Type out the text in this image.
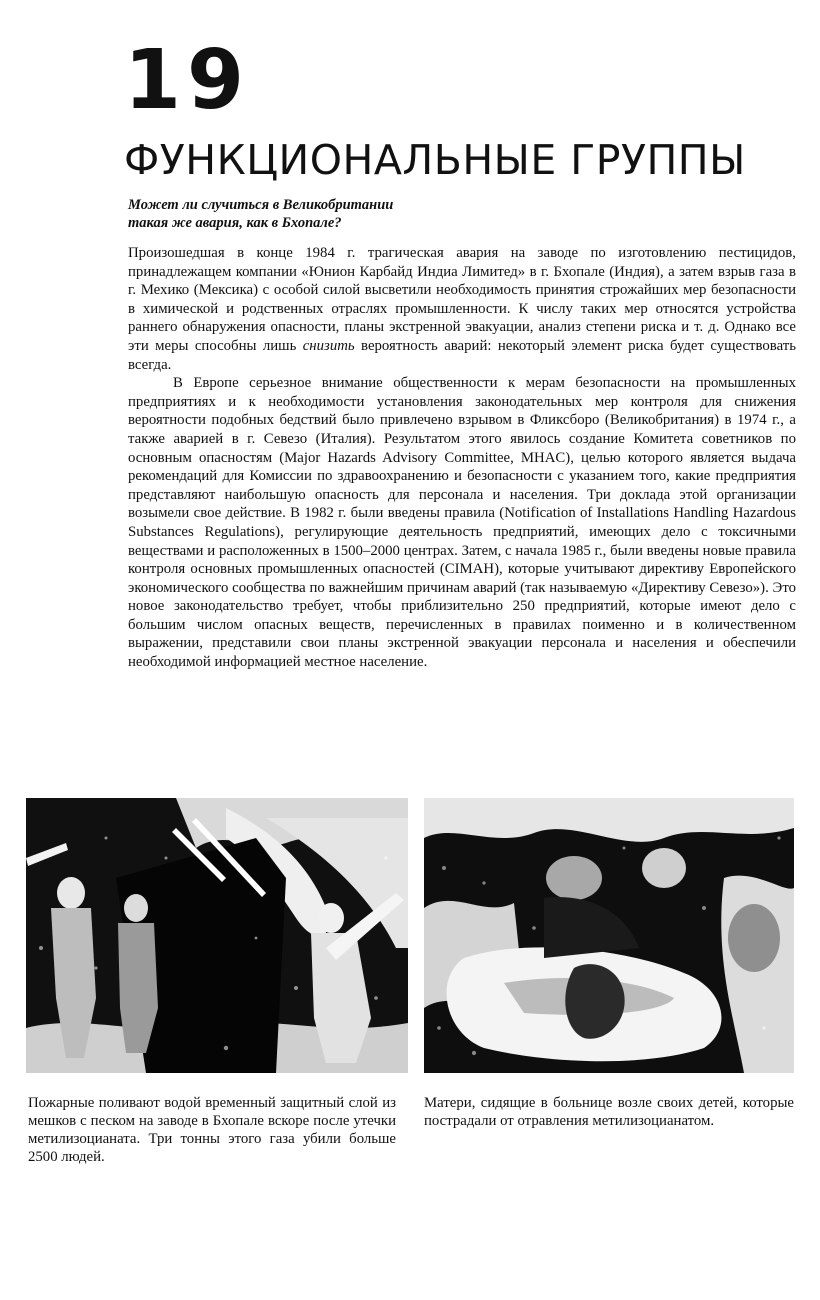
19
ФУНКЦИОНАЛЬНЫЕ ГРУППЫ
Может ли случиться в Великобритании
такая же авария, как в Бхопале?

Произошедшая в конце 1984 г. трагическая авария на заводе по изготовлению пестицидов, принадлежащем компании «Юнион Карбайд Индиа Лимитед» в г. Бхопале (Индия), а затем взрыв газа в г. Мехико (Мексика) с особой силой высветили необходимость принятия строжайших мер безопасности в химической и родственных отраслях промышленности. К числу таких мер относятся устройства раннего обнаружения опасности, планы экстренной эвакуации, анализ степени риска и т. д. Однако все эти меры способны лишь снизить вероятность аварий: некоторый элемент риска будет существовать всегда.

В Европе серьезное внимание общественности к мерам безопасности на промышленных предприятиях и к необходимости установления законодательных мер контроля для снижения вероятности подобных бедствий было привлечено взрывом в Фликсборо (Великобритания) в 1974 г., а также аварией в г. Севезо (Италия). Результатом этого явилось создание Комитета советников по основным опасностям (Major Hazards Advisory Committee, MHAC), целью которого является выдача рекомендаций для Комиссии по здравоохранению и безопасности с указанием того, какие предприятия представляют наибольшую опасность для персонала и населения. Три доклада этой организации возымели свое действие. В 1982 г. были введены правила (Notification of Installations Handling Hazardous Substances Regulations), регулирующие деятельность предприятий, имеющих дело с токсичными веществами и расположенных в 1500–2000 центрах. Затем, с начала 1985 г., были введены новые правила контроля основных промышленных опасностей (CIMAH), которые учитывают директиву Европейского экономического сообщества по важнейшим причинам аварий (так называемую «Директиву Севезо»). Это новое законодательство требует, чтобы приблизительно 250 предприятий, которые имеют дело с большим числом опасных веществ, перечисленных в правилах поименно и в количественном выражении, представили свои планы экстренной эвакуации персонала и населения и обеспечили необходимой информацией местное население.

Пожарные поливают водой временный защитный слой из мешков с песком на заводе в Бхопале вскоре после утечки метилизоцианата. Три тонны этого газа убили больше 2500 людей.
Матери, сидящие в больнице возле своих детей, которые пострадали от отравления метилизоцианатом.
